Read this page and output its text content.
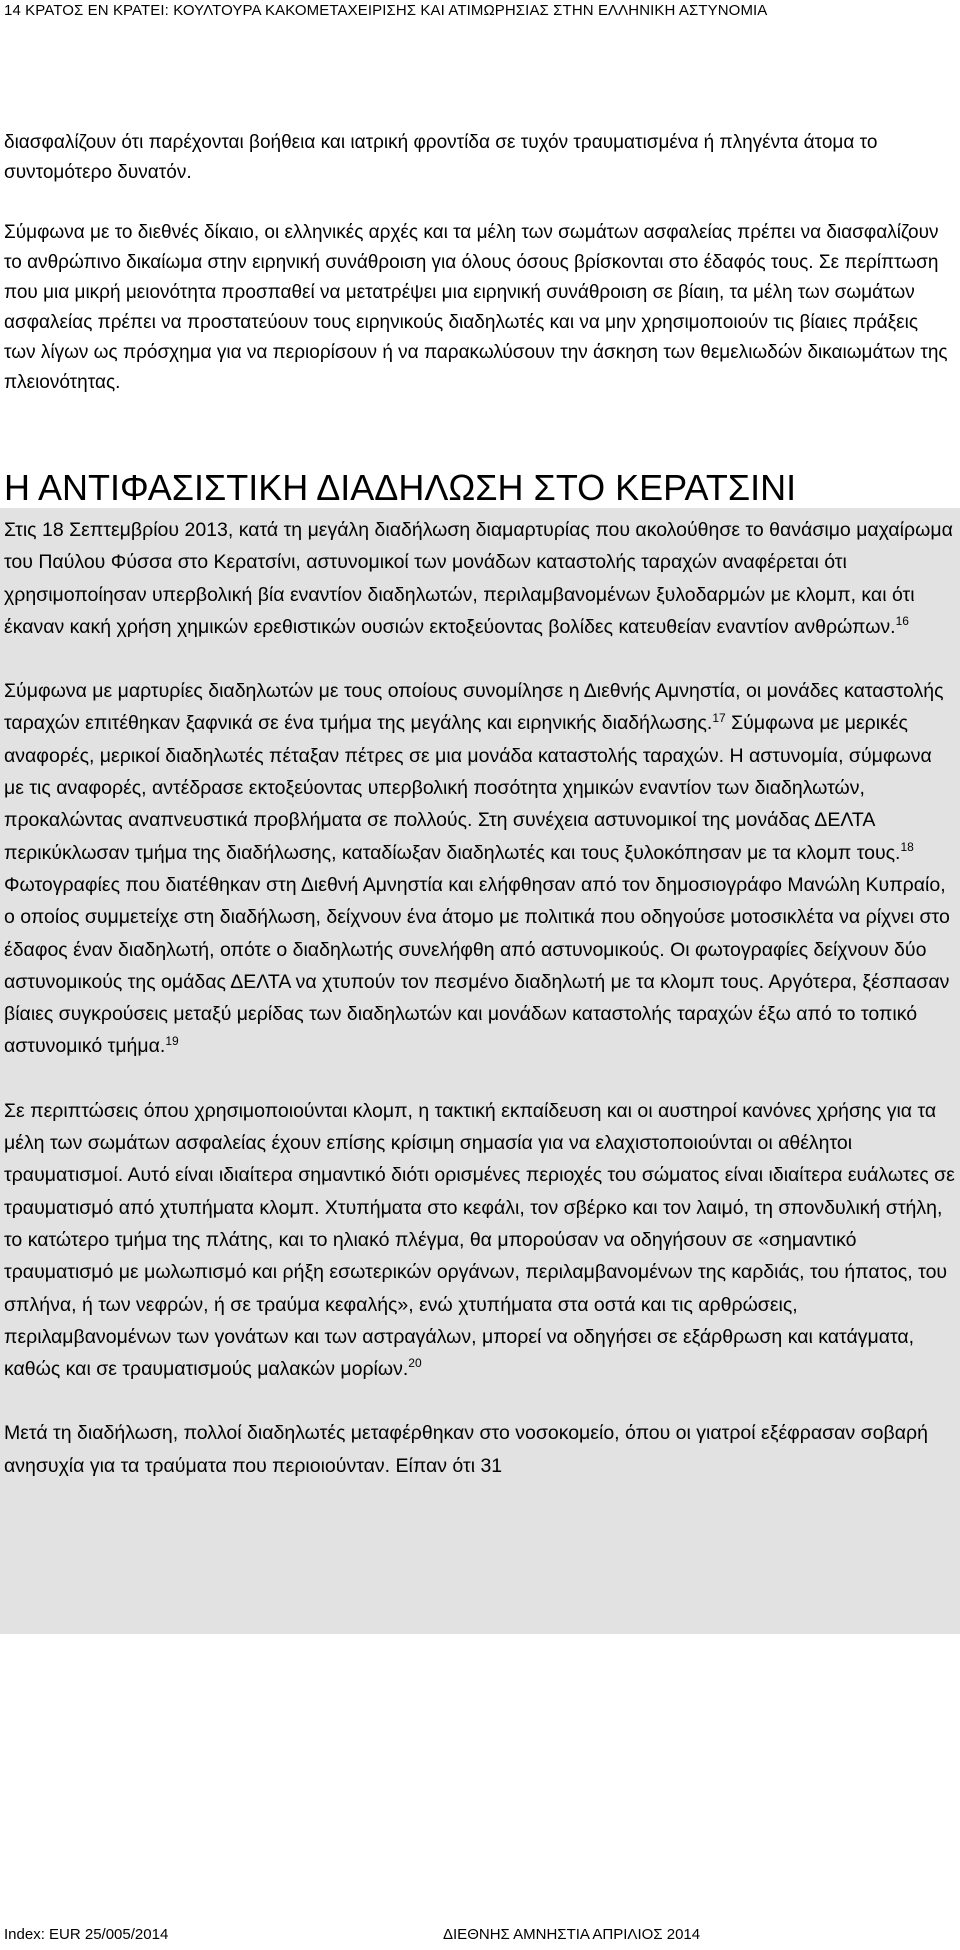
14 ΚΡΑΤΟΣ ΕΝ ΚΡΑΤΕΙ: ΚΟΥΛΤΟΥΡΑ ΚΑΚΟΜΕΤΑΧΕΙΡΙΣΗΣ ΚΑΙ ΑΤΙΜΩΡΗΣΙΑΣ ΣΤΗΝ ΕΛΛΗΝΙΚΗ ΑΣΤΥΝΟΜΙΑ

διασφαλίζουν ότι παρέχονται βοήθεια και ιατρική φροντίδα σε τυχόν τραυματισμένα ή πληγέντα άτομα το συντομότερο δυνατόν.

Σύμφωνα με το διεθνές δίκαιο, οι ελληνικές αρχές και τα μέλη των σωμάτων ασφαλείας πρέπει να διασφαλίζουν το ανθρώπινο δικαίωμα στην ειρηνική συνάθροιση για όλους όσους βρίσκονται στο έδαφός τους. Σε περίπτωση που μια μικρή μειονότητα προσπαθεί να μετατρέψει μια ειρηνική συνάθροιση σε βίαιη, τα μέλη των σωμάτων ασφαλείας πρέπει να προστατεύουν τους ειρηνικούς διαδηλωτές και να μην χρησιμοποιούν τις βίαιες πράξεις των λίγων ως πρόσχημα για να περιορίσουν ή να παρακωλύσουν την άσκηση των θεμελιωδών δικαιωμάτων της πλειονότητας.

Η ΑΝΤΙΦΑΣΙΣΤΙΚΗ ΔΙΑΔΗΛΩΣΗ ΣΤΟ ΚΕΡΑΤΣΙΝΙ

Στις 18 Σεπτεμβρίου 2013, κατά τη μεγάλη διαδήλωση διαμαρτυρίας που ακολούθησε το θανάσιμο μαχαίρωμα του Παύλου Φύσσα στο Κερατσίνι, αστυνομικοί των μονάδων καταστολής ταραχών αναφέρεται ότι χρησιμοποίησαν υπερβολική βία εναντίον διαδηλωτών, περιλαμβανομένων ξυλοδαρμών με κλομπ, και ότι έκαναν κακή χρήση χημικών ερεθιστικών ουσιών εκτοξεύοντας βολίδες κατευθείαν εναντίον ανθρώπων.$^{16}$

Σύμφωνα με μαρτυρίες διαδηλωτών με τους οποίους συνομίλησε η Διεθνής Αμνηστία, οι μονάδες καταστολής ταραχών επιτέθηκαν ξαφνικά σε ένα τμήμα της μεγάλης και ειρηνικής διαδήλωσης.$^{17}$ Σύμφωνα με μερικές αναφορές, μερικοί διαδηλωτές πέταξαν πέτρες σε μια μονάδα καταστολής ταραχών. Η αστυνομία, σύμφωνα με τις αναφορές, αντέδρασε εκτοξεύοντας υπερβολική ποσότητα χημικών εναντίον των διαδηλωτών, προκαλώντας αναπνευστικά προβλήματα σε πολλούς. Στη συνέχεια αστυνομικοί της μονάδας ΔΕΛΤΑ περικύκλωσαν τμήμα της διαδήλωσης, καταδίωξαν διαδηλωτές και τους ξυλοκόπησαν με τα κλομπ τους.$^{18}$ Φωτογραφίες που διατέθηκαν στη Διεθνή Αμνηστία και ελήφθησαν από τον δημοσιογράφο Μανώλη Κυπραίο, ο οποίος συμμετείχε στη διαδήλωση, δείχνουν ένα άτομο με πολιτικά που οδηγούσε μοτοσικλέτα να ρίχνει στο έδαφος έναν διαδηλωτή, οπότε ο διαδηλωτής συνελήφθη από αστυνομικούς. Οι φωτογραφίες δείχνουν δύο αστυνομικούς της ομάδας ΔΕΛΤΑ να χτυπούν τον πεσμένο διαδηλωτή με τα κλομπ τους. Αργότερα, ξέσπασαν βίαιες συγκρούσεις μεταξύ μερίδας των διαδηλωτών και μονάδων καταστολής ταραχών έξω από το τοπικό αστυνομικό τμήμα.$^{19}$

Σε περιπτώσεις όπου χρησιμοποιούνται κλομπ, η τακτική εκπαίδευση και οι αυστηροί κανόνες χρήσης για τα μέλη των σωμάτων ασφαλείας έχουν επίσης κρίσιμη σημασία για να ελαχιστοποιούνται οι αθέλητοι τραυματισμοί. Αυτό είναι ιδιαίτερα σημαντικό διότι ορισμένες περιοχές του σώματος είναι ιδιαίτερα ευάλωτες σε τραυματισμό από χτυπήματα κλομπ. Χτυπήματα στο κεφάλι, τον σβέρκο και τον λαιμό, τη σπονδυλική στήλη, το κατώτερο τμήμα της πλάτης, και το ηλιακό πλέγμα, θα μπορούσαν να οδηγήσουν σε «σημαντικό τραυματισμό με μωλωπισμό και ρήξη εσωτερικών οργάνων, περιλαμβανομένων της καρδιάς, του ήπατος, του σπλήνα, ή των νεφρών, ή σε τραύμα κεφαλής», ενώ χτυπήματα στα οστά και τις αρθρώσεις, περιλαμβανομένων των γονάτων και των αστραγάλων, μπορεί να οδηγήσει σε εξάρθρωση και κατάγματα, καθώς και σε τραυματισμούς μαλακών μορίων.$^{20}$

Μετά τη διαδήλωση, πολλοί διαδηλωτές μεταφέρθηκαν στο νοσοκομείο, όπου οι γιατροί εξέφρασαν σοβαρή ανησυχία για τα τραύματα που περιοιούνταν. Είπαν ότι 31

Index: EUR 25/005/2014	ΔΙΕΘΝΗΣ ΑΜΝΗΣΤΙΑ ΑΠΡΙΛΙΟΣ 2014
